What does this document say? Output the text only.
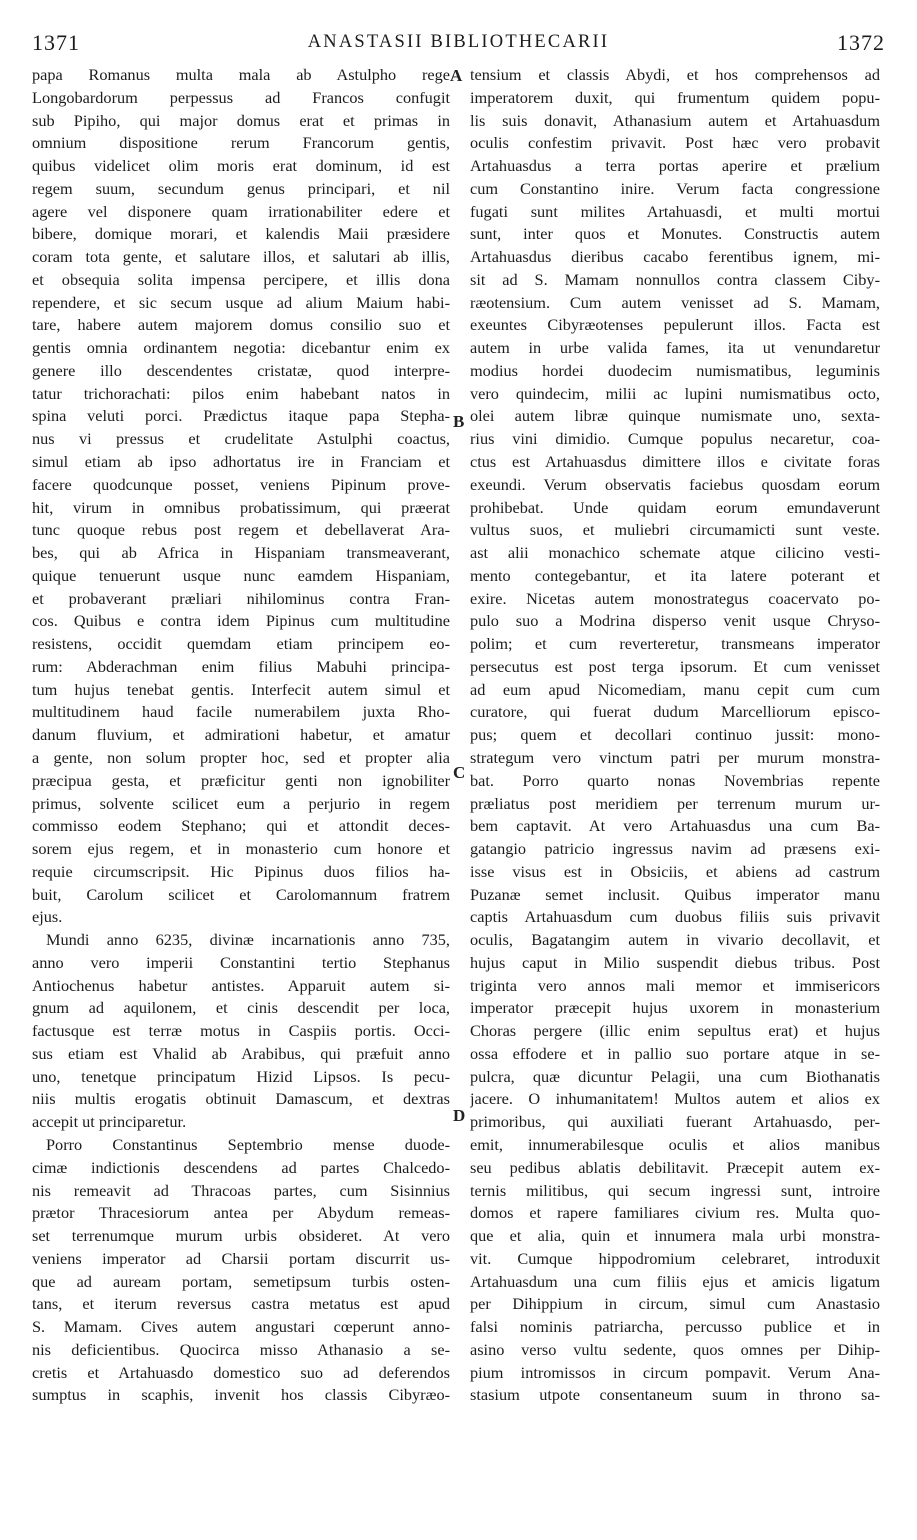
1371	ANASTASII BIBLIOTHECARII	1372
A
B
C
D
papa Romanus multa mala ab Astulpho rege
Longobardorum perpessus ad Francos confugit
sub Pipiho, qui major domus erat et primas in
omnium dispositione rerum Francorum gentis,
quibus videlicet olim moris erat dominum, id est
regem suum, secundum genus principari, et nil
agere vel disponere quam irrationabiliter edere et
bibere, domique morari, et kalendis Maii præsidere
coram tota gente, et salutare illos, et salutari ab illis,
et obsequia solita impensa percipere, et illis dona
rependere, et sic secum usque ad alium Maium habi-
tare, habere autem majorem domus consilio suo et
gentis omnia ordinantem negotia: dicebantur enim ex
genere illo descendentes cristatæ, quod interpre-
tatur trichorachati: pilos enim habebant natos in
spina veluti porci. Prædictus itaque papa Stepha-
nus vi pressus et crudelitate Astulphi coactus,
simul etiam ab ipso adhortatus ire in Franciam et
facere quodcunque posset, veniens Pipinum prove-
hit, virum in omnibus probatissimum, qui præerat
tunc quoque rebus post regem et debellaverat Ara-
bes, qui ab Africa in Hispaniam transmeaverant,
quique tenuerunt usque nunc eamdem Hispaniam,
et probaverant præliari nihilominus contra Fran-
cos. Quibus e contra idem Pipinus cum multitudine
resistens, occidit quemdam etiam principem eo-
rum: Abderachman enim filius Mabuhi principa-
tum hujus tenebat gentis. Interfecit autem simul et
multitudinem haud facile numerabilem juxta Rho-
danum fluvium, et admirationi habetur, et amatur
a gente, non solum propter hoc, sed et propter alia
præcipua gesta, et præficitur genti non ignobiliter
primus, solvente scilicet eum a perjurio in regem
commisso eodem Stephano; qui et attondit deces-
sorem ejus regem, et in monasterio cum honore et
requie circumscripsit. Hic Pipinus duos filios ha-
buit, Carolum scilicet et Carolomannum fratrem
ejus.
Mundi anno 6235, divinæ incarnationis anno 735,
anno vero imperii Constantini tertio Stephanus
Antiochenus habetur antistes. Apparuit autem si-
gnum ad aquilonem, et cinis descendit per loca,
factusque est terræ motus in Caspiis portis. Occi-
sus etiam est Vhalid ab Arabibus, qui præfuit anno
uno, tenetque principatum Hizid Lipsos. Is pecu-
niis multis erogatis obtinuit Damascum, et dextras
accepit ut principaretur.
Porro Constantinus Septembrio mense duode-
cimæ indictionis descendens ad partes Chalcedo-
nis remeavit ad Thracoas partes, cum Sisinnius
prætor Thracesiorum antea per Abydum remeas-
set terrenumque murum urbis obsideret. At vero
veniens imperator ad Charsii portam discurrit us-
que ad auream portam, semetipsum turbis osten-
tans, et iterum reversus castra metatus est apud
S. Mamam. Cives autem angustari cœperunt anno-
nis deficientibus. Quocirca misso Athanasio a se-
cretis et Artahuasdo domestico suo ad deferendos
sumptus in scaphis, invenit hos classis Cibyræo-
tensium et classis Abydi, et hos comprehensos ad
imperatorem duxit, qui frumentum quidem popu-
lis suis donavit, Athanasium autem et Artahuasdum
oculis confestim privavit. Post hæc vero probavit
Artahuasdus a terra portas aperire et prælium
cum Constantino inire. Verum facta congressione
fugati sunt milites Artahuasdi, et multi mortui
sunt, inter quos et Monutes. Constructis autem
Artahuasdus dieribus cacabo ferentibus ignem, mi-
sit ad S. Mamam nonnullos contra classem Ciby-
ræotensium. Cum autem venisset ad S. Mamam,
exeuntes Cibyræotenses pepulerunt illos. Facta est
autem in urbe valida fames, ita ut venundaretur
modius hordei duodecim numismatibus, leguminis
vero quindecim, milii ac lupini numismatibus octo,
olei autem libræ quinque numismate uno, sexta-
rius vini dimidio. Cumque populus necaretur, coa-
ctus est Artahuasdus dimittere illos e civitate foras
exeundi. Verum observatis faciebus quosdam eorum
prohibebat. Unde quidam eorum emundaverunt
vultus suos, et muliebri circumamicti sunt veste.
ast alii monachico schemate atque cilicino vesti-
mento contegebantur, et ita latere poterant et
exire. Nicetas autem monostrategus coacervato po-
pulo suo a Modrina disperso venit usque Chryso-
polim; et cum reverteretur, transmeans imperator
persecutus est post terga ipsorum. Et cum venisset
ad eum apud Nicomediam, manu cepit cum cum
curatore, qui fuerat dudum Marcelliorum episco-
pus; quem et decollari continuo jussit: mono-
strategum vero vinctum patri per murum monstra-
bat. Porro quarto nonas Novembrias repente
præliatus post meridiem per terrenum murum ur-
bem captavit. At vero Artahuasdus una cum Ba-
gatangio patricio ingressus navim ad præsens exi-
isse visus est in Obsiciis, et abiens ad castrum
Puzanæ semet inclusit. Quibus imperator manu
captis Artahuasdum cum duobus filiis suis privavit
oculis, Bagatangim autem in vivario decollavit, et
hujus caput in Milio suspendit diebus tribus. Post
triginta vero annos mali memor et immisericors
imperator præcepit hujus uxorem in monasterium
Choras pergere (illic enim sepultus erat) et hujus
ossa effodere et in pallio suo portare atque in se-
pulcra, quæ dicuntur Pelagii, una cum Biothanatis
jacere. O inhumanitatem! Multos autem et alios ex
primoribus, qui auxiliati fuerant Artahuasdo, per-
emit, innumerabilesque oculis et alios manibus
seu pedibus ablatis debilitavit. Præcepit autem ex-
ternis militibus, qui secum ingressi sunt, introire
domos et rapere familiares civium res. Multa quo-
que et alia, quin et innumera mala urbi monstra-
vit. Cumque hippodromium celebraret, introduxit
Artahuasdum una cum filiis ejus et amicis ligatum
per Dihippium in circum, simul cum Anastasio
falsi nominis patriarcha, percusso publice et in
asino verso vultu sedente, quos omnes per Dihip-
pium intromissos in circum pompavit. Verum Ana-
stasium utpote consentaneum suum in throno sa-
